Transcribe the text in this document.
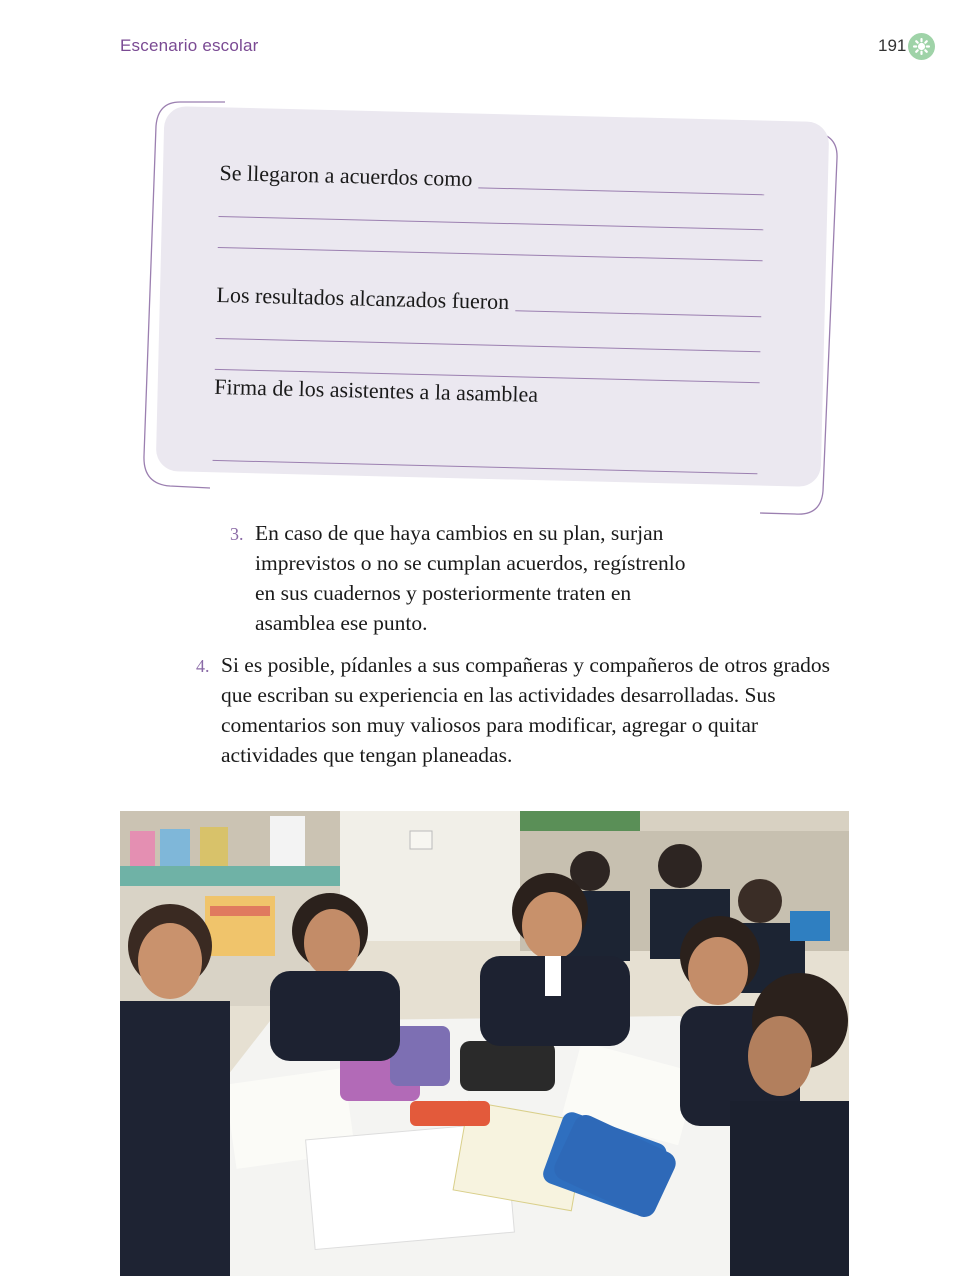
Escenario escolar	191
Se llegaron a acuerdos como
Los resultados alcanzados fueron
Firma de los asistentes a la asamblea
3. En caso de que haya cambios en su plan, surjan imprevistos o no se cumplan acuerdos, regístrenlo en sus cuadernos y posteriormente traten en asamblea ese punto.
4. Si es posible, pídanles a sus compañeras y compañeros de otros grados que escriban su experiencia en las actividades desarrolladas. Sus comentarios son muy valiosos para modificar, agregar o quitar actividades que tengan planeadas.
